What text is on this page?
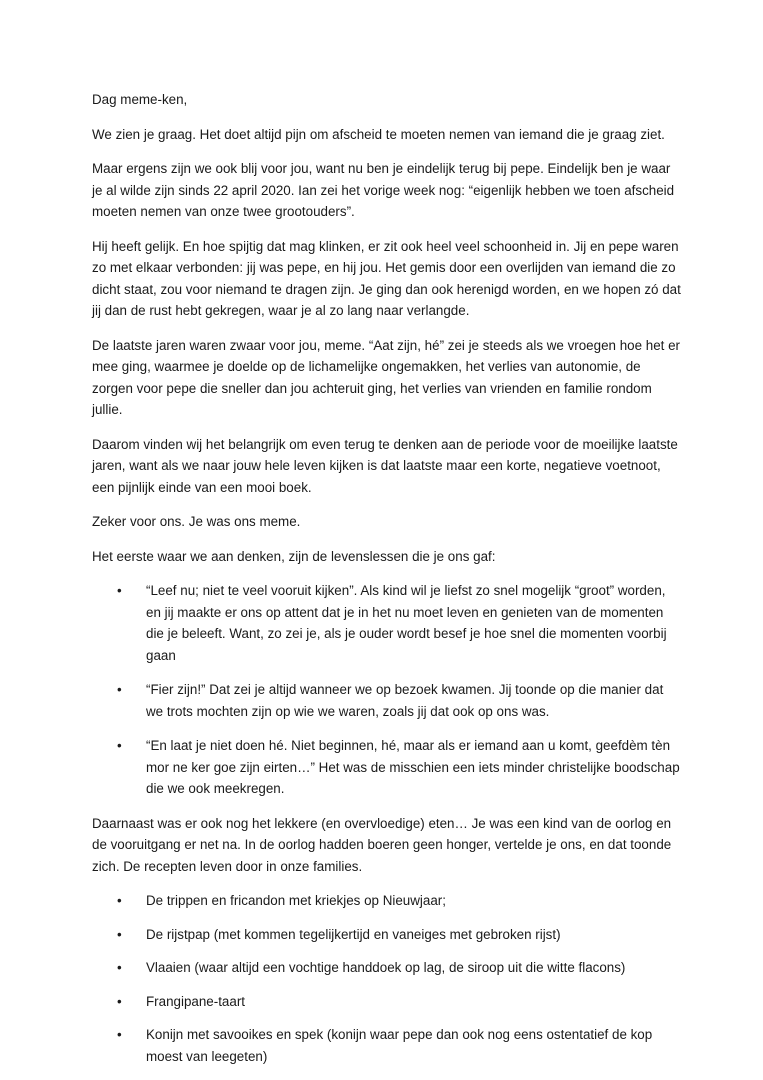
Dag meme-ken,

We zien je graag. Het doet altijd pijn om afscheid te moeten nemen van iemand die je graag ziet.

Maar ergens zijn we ook blij voor jou, want nu ben je eindelijk terug bij pepe. Eindelijk ben je waar je al wilde zijn sinds 22 april 2020. Ian zei het vorige week nog: “eigenlijk hebben we toen afscheid moeten nemen van onze twee grootouders”.

Hij heeft gelijk. En hoe spijtig dat mag klinken, er zit ook heel veel schoonheid in. Jij en pepe waren zo met elkaar verbonden: jij was pepe, en hij jou. Het gemis door een overlijden van iemand die zo dicht staat, zou voor niemand te dragen zijn. Je ging dan ook herenigd worden, en we hopen zó dat jij dan de rust hebt gekregen, waar je al zo lang naar verlangde.

De laatste jaren waren zwaar voor jou, meme. “Aat zijn, hé” zei je steeds als we vroegen hoe het er mee ging, waarmee je doelde op de lichamelijke ongemakken, het verlies van autonomie, de zorgen voor pepe die sneller dan jou achteruit ging, het verlies van vrienden en familie rondom jullie.

Daarom vinden wij het belangrijk om even terug te denken aan de periode voor de moeilijke laatste jaren, want als we naar jouw hele leven kijken is dat laatste maar een korte, negatieve voetnoot, een pijnlijk einde van een mooi boek.

Zeker voor ons. Je was ons meme.

Het eerste waar we aan denken, zijn de levenslessen die je ons gaf:

• “Leef nu; niet te veel vooruit kijken”. Als kind wil je liefst zo snel mogelijk “groot” worden, en jij maakte er ons op attent dat je in het nu moet leven en genieten van de momenten die je beleeft. Want, zo zei je, als je ouder wordt besef je hoe snel die momenten voorbij gaan
• “Fier zijn!” Dat zei je altijd wanneer we op bezoek kwamen. Jij toonde op die manier dat we trots mochten zijn op wie we waren, zoals jij dat ook op ons was.
• “En laat je niet doen hé. Niet beginnen, hé, maar als er iemand aan u komt, geefdèm tèn mor ne ker goe zijn eirten…” Het was de misschien een iets minder christelijke boodschap die we ook meekregen.

Daarnaast was er ook nog het lekkere (en overvloedige) eten… Je was een kind van de oorlog en de vooruitgang er net na. In de oorlog hadden boeren geen honger, vertelde je ons, en dat toonde zich. De recepten leven door in onze families.

• De trippen en fricandon met kriekjes op Nieuwjaar;
• De rijstpap (met kommen tegelijkertijd en vaneiges met gebroken rijst)
• Vlaaien (waar altijd een vochtige handdoek op lag, de siroop uit die witte flacons)
• Frangipane-taart
• Konijn met savooikes en spek (konijn waar pepe dan ook nog eens ostentatief de kop moest van leegeten)
